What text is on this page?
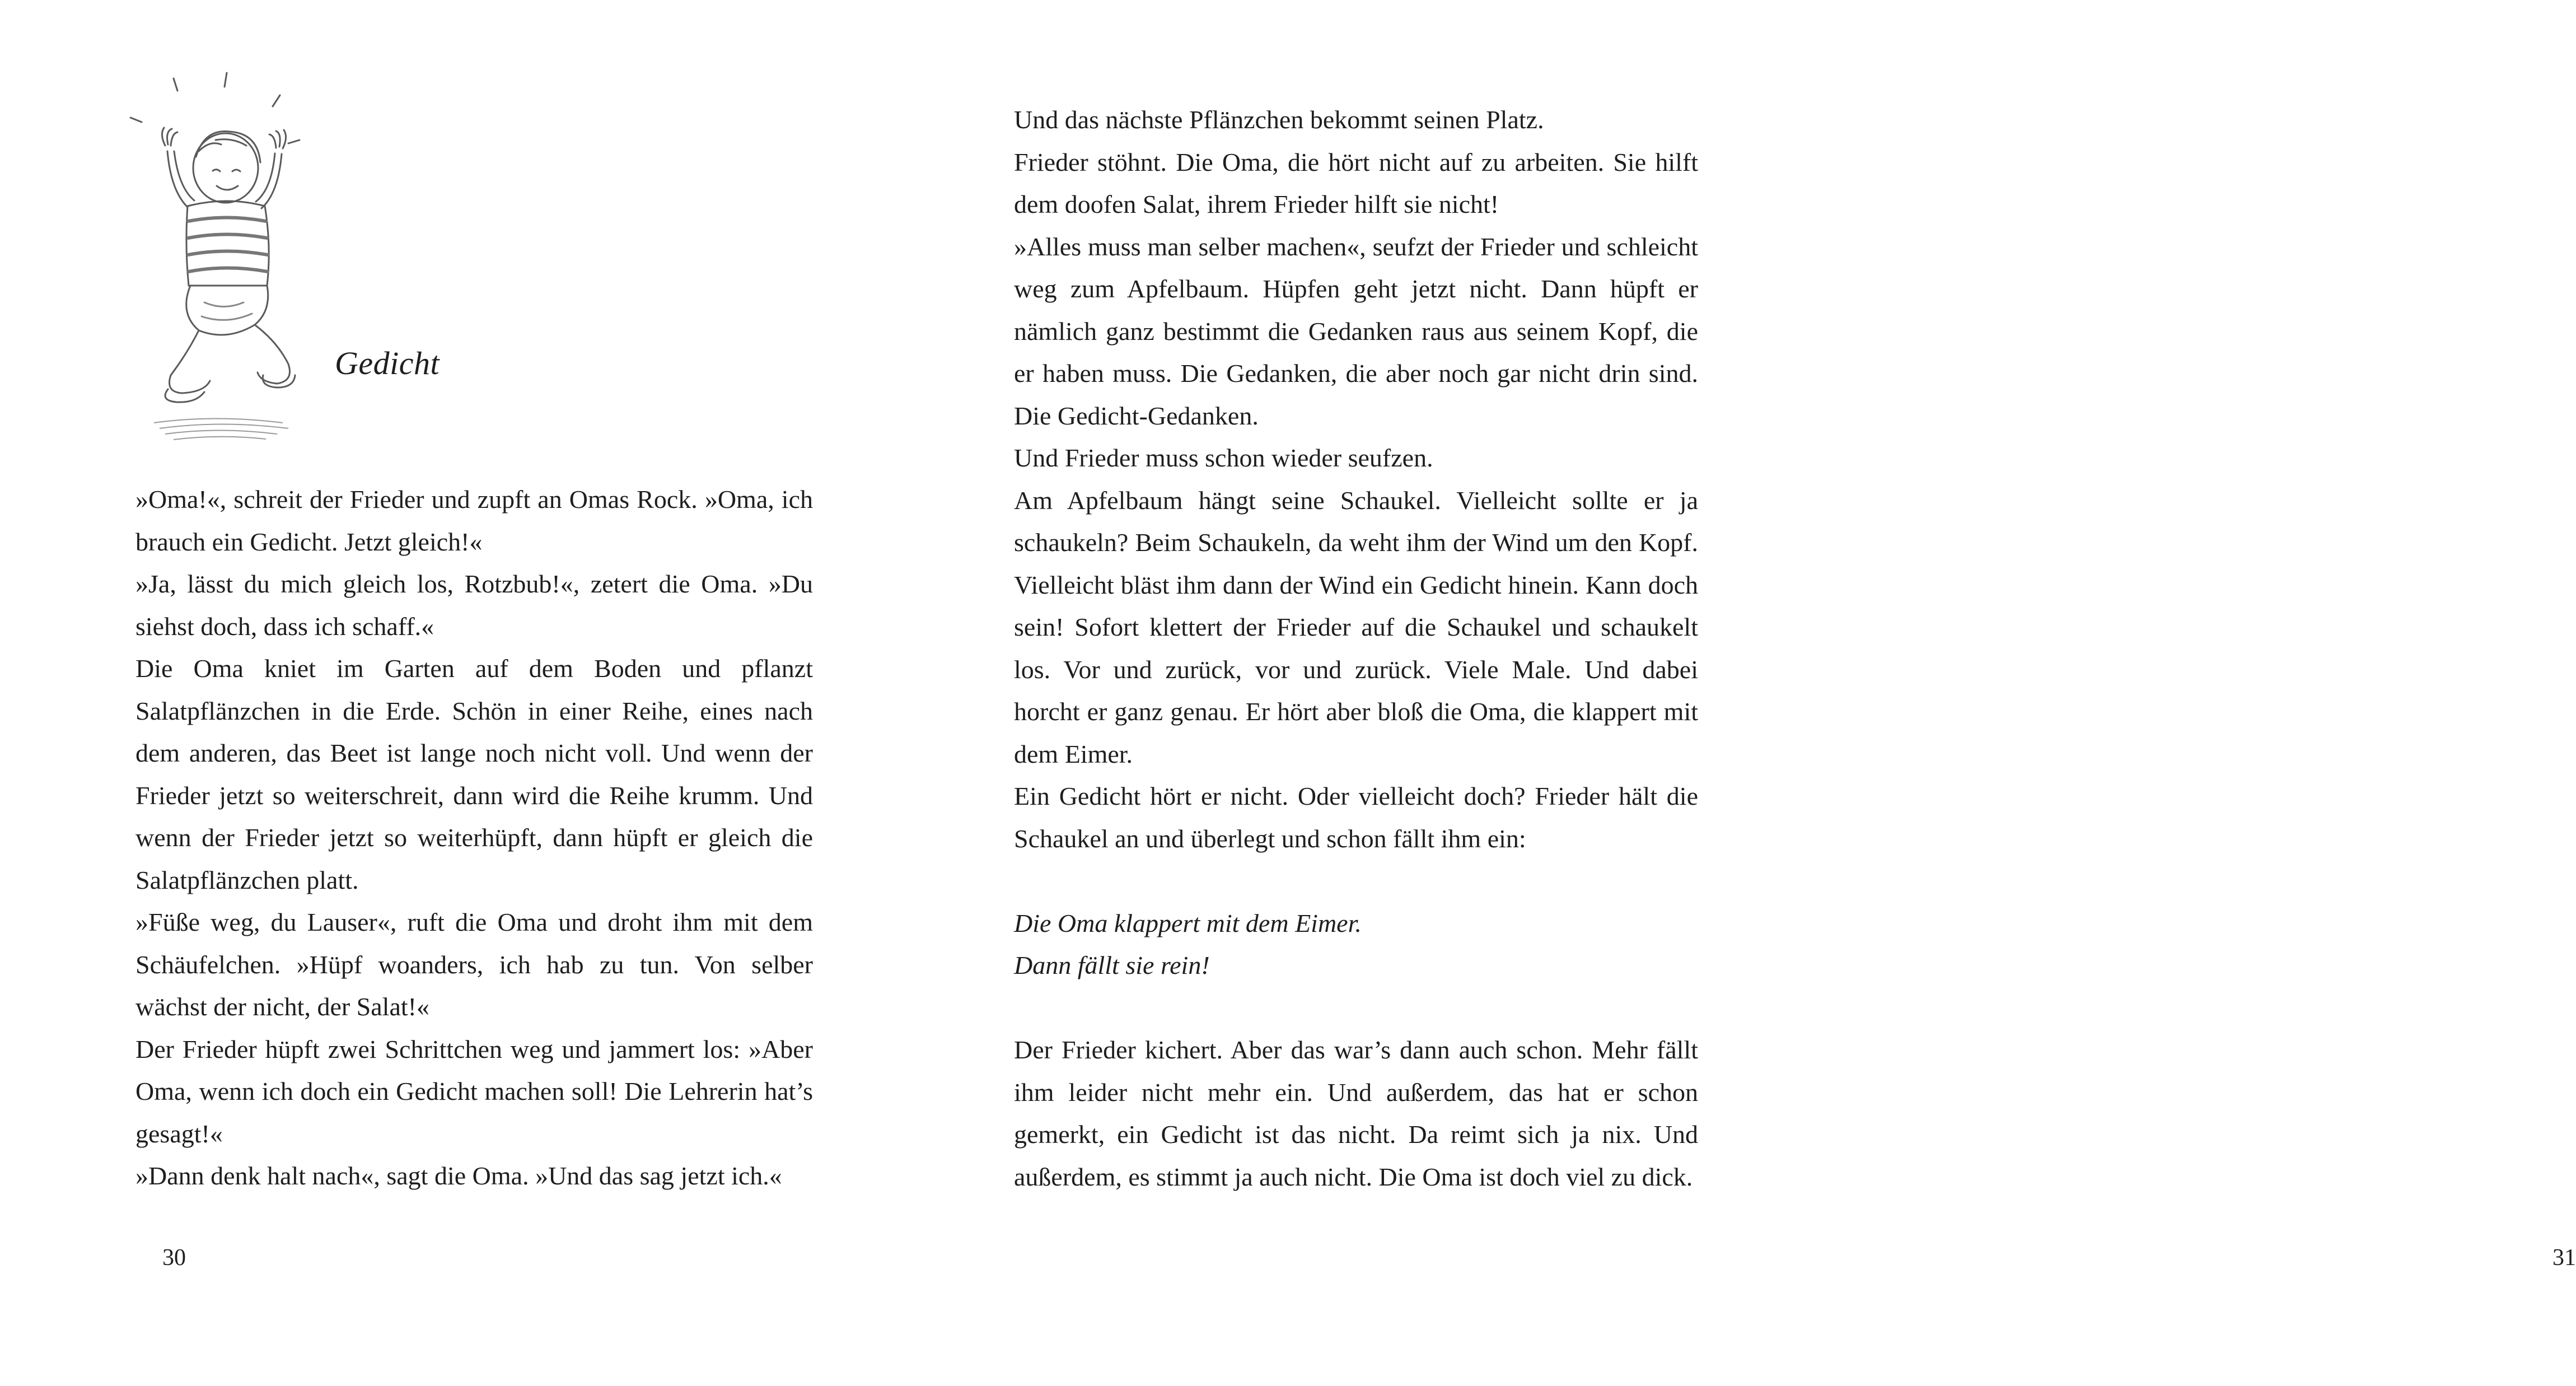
Gedicht

»Oma!«, schreit der Frieder und zupft an Omas Rock. »Oma, ich brauch ein Gedicht. Jetzt gleich!«

»Ja, lässt du mich gleich los, Rotzbub!«, zetert die Oma. »Du siehst doch, dass ich schaff.«

Die Oma kniet im Garten auf dem Boden und pflanzt Salatpflänzchen in die Erde. Schön in einer Reihe, eines nach dem anderen, das Beet ist lange noch nicht voll. Und wenn der Frieder jetzt so weiterschreit, dann wird die Reihe krumm. Und wenn der Frieder jetzt so weiterhüpft, dann hüpft er gleich die Salatpflänzchen platt.

»Füße weg, du Lauser«, ruft die Oma und droht ihm mit dem Schäufelchen. »Hüpf woanders, ich hab zu tun. Von selber wächst der nicht, der Salat!«

Der Frieder hüpft zwei Schrittchen weg und jammert los: »Aber Oma, wenn ich doch ein Gedicht machen soll! Die Lehrerin hat’s gesagt!«

»Dann denk halt nach«, sagt die Oma. »Und das sag jetzt ich.«

30

Und das nächste Pflänzchen bekommt seinen Platz.

Frieder stöhnt. Die Oma, die hört nicht auf zu arbeiten. Sie hilft dem doofen Salat, ihrem Frieder hilft sie nicht!

»Alles muss man selber machen«, seufzt der Frieder und schleicht weg zum Apfelbaum. Hüpfen geht jetzt nicht. Dann hüpft er nämlich ganz bestimmt die Gedanken raus aus seinem Kopf, die er haben muss. Die Gedanken, die aber noch gar nicht drin sind. Die Gedicht-Gedanken.

Und Frieder muss schon wieder seufzen.

Am Apfelbaum hängt seine Schaukel. Vielleicht sollte er ja schaukeln? Beim Schaukeln, da weht ihm der Wind um den Kopf. Vielleicht bläst ihm dann der Wind ein Gedicht hinein. Kann doch sein! Sofort klettert der Frieder auf die Schaukel und schaukelt los. Vor und zurück, vor und zurück. Viele Male. Und dabei horcht er ganz genau. Er hört aber bloß die Oma, die klappert mit dem Eimer.

Ein Gedicht hört er nicht. Oder vielleicht doch? Frieder hält die Schaukel an und überlegt und schon fällt ihm ein:

Die Oma klappert mit dem Eimer.

Dann fällt sie rein!

Der Frieder kichert. Aber das war’s dann auch schon. Mehr fällt ihm leider nicht mehr ein. Und außerdem, das hat er schon gemerkt, ein Gedicht ist das nicht. Da reimt sich ja nix. Und außerdem, es stimmt ja auch nicht. Die Oma ist doch viel zu dick.

31
